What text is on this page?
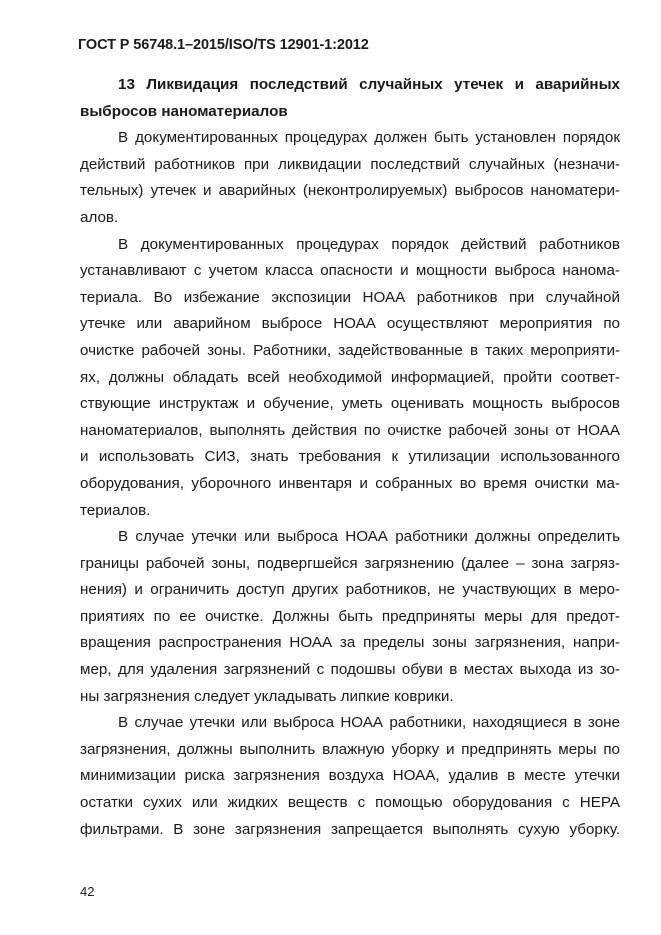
ГОСТ Р 56748.1–2015/ISO/TS 12901-1:2012
13 Ликвидация последствий случайных утечек и аварийных
выбросов наноматериалов
В документированных процедурах должен быть установлен порядок
действий работников при ликвидации последствий случайных (незначи-
тельных) утечек и аварийных (неконтролируемых) выбросов наноматери-
алов.
В документированных процедурах порядок действий работников
устанавливают с учетом класса опасности и мощности выброса нанома-
териала. Во избежание экспозиции НОАА работников при случайной
утечке или аварийном выбросе НОАА осуществляют мероприятия по
очистке рабочей зоны. Работники, задействованные в таких мероприяти-
ях, должны обладать всей необходимой информацией, пройти соответ-
ствующие инструктаж и обучение, уметь оценивать мощность выбросов
наноматериалов, выполнять действия по очистке рабочей зоны от НОАА
и использовать СИЗ, знать требования к утилизации использованного
оборудования, уборочного инвентаря и собранных во время очистки ма-
териалов.
В случае утечки или выброса НОАА работники должны определить
границы рабочей зоны, подвергшейся загрязнению (далее – зона загряз-
нения) и ограничить доступ других работников, не участвующих в меро-
приятиях по ее очистке. Должны быть предприняты меры для предот-
вращения распространения НОАА за пределы зоны загрязнения, напри-
мер, для удаления загрязнений с подошвы обуви в местах выхода из зо-
ны загрязнения следует укладывать липкие коврики.
В случае утечки или выброса НОАА работники, находящиеся в зоне
загрязнения, должны выполнить влажную уборку и предпринять меры по
минимизации риска загрязнения воздуха НОАА, удалив в месте утечки
остатки сухих или жидких веществ с помощью оборудования с HEPA
фильтрами. В зоне загрязнения запрещается выполнять сухую уборку.
42
